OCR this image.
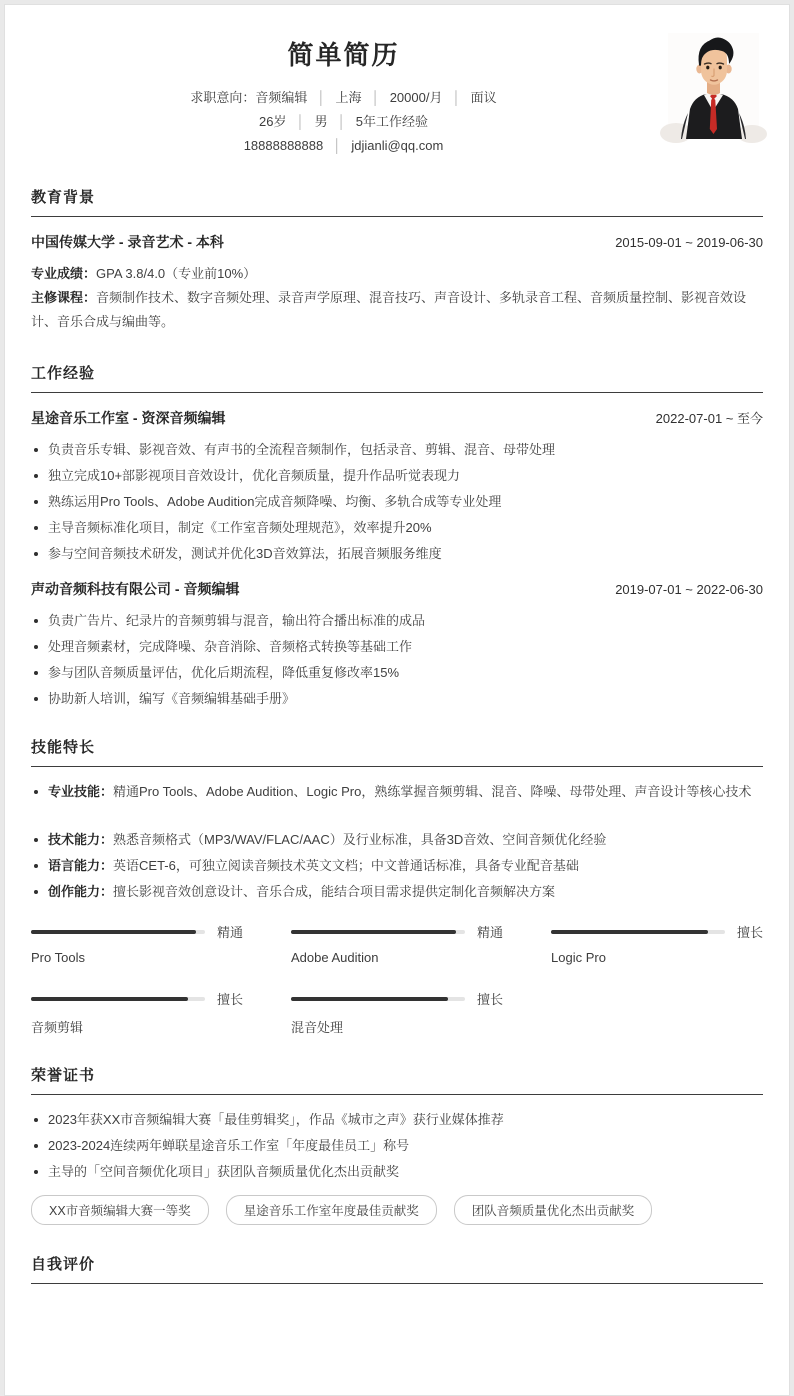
简单简历
求职意向：音频编辑 │ 上海 │ 20000/月 │ 面议
26岁 │ 男 │ 5年工作经验
18888888888 │ jdjianli@qq.com
教育背景
中国传媒大学 - 录音艺术 - 本科	2015-09-01 ~ 2019-06-30

专业成绩：GPA 3.8/4.0（专业前10%）

主修课程：音频制作技术、数字音频处理、录音声学原理、混音技巧、声音设计、多轨录音工程、音频质量控制、影视音效设计、音乐合成与编曲等。

工作经验
星途音乐工作室 - 资深音频编辑	2022-07-01 ~ 至今
负责音乐专辑、影视音效、有声书的全流程音频制作，包括录音、剪辑、混音、母带处理
独立完成10+部影视项目音效设计，优化音频质量，提升作品听觉表现力
熟练运用Pro Tools、Adobe Audition完成音频降噪、均衡、多轨合成等专业处理
主导音频标准化项目，制定《工作室音频处理规范》，效率提升20%
参与空间音频技术研发，测试并优化3D音效算法，拓展音频服务维度
声动音频科技有限公司 - 音频编辑	2019-07-01 ~ 2022-06-30
负责广告片、纪录片的音频剪辑与混音，输出符合播出标准的成品
处理音频素材，完成降噪、杂音消除、音频格式转换等基础工作
参与团队音频质量评估，优化后期流程，降低重复修改率15%
协助新人培训，编写《音频编辑基础手册》
技能特长
专业技能：精通Pro Tools、Adobe Audition、Logic Pro，熟练掌握音频剪辑、混音、降噪、母带处理、声音设计等核心技术
技术能力：熟悉音频格式（MP3/WAV/FLAC/AAC）及行业标准，具备3D音效、空间音频优化经验
语言能力：英语CET-6，可独立阅读音频技术英文文档；中文普通话标准，具备专业配音基础
创作能力：擅长影视音效创意设计、音乐合成，能结合项目需求提供定制化音频解决方案
精通
Pro Tools
精通
Adobe Audition
擅长
Logic Pro
擅长
音频剪辑
擅长
混音处理
荣誉证书
2023年获XX市音频编辑大赛「最佳剪辑奖」，作品《城市之声》获行业媒体推荐
2023-2024连续两年蝉联星途音乐工作室「年度最佳员工」称号
主导的「空间音频优化项目」获团队音频质量优化杰出贡献奖
XX市音频编辑大赛一等奖	星途音乐工作室年度最佳贡献奖	团队音频质量优化杰出贡献奖
自我评价
